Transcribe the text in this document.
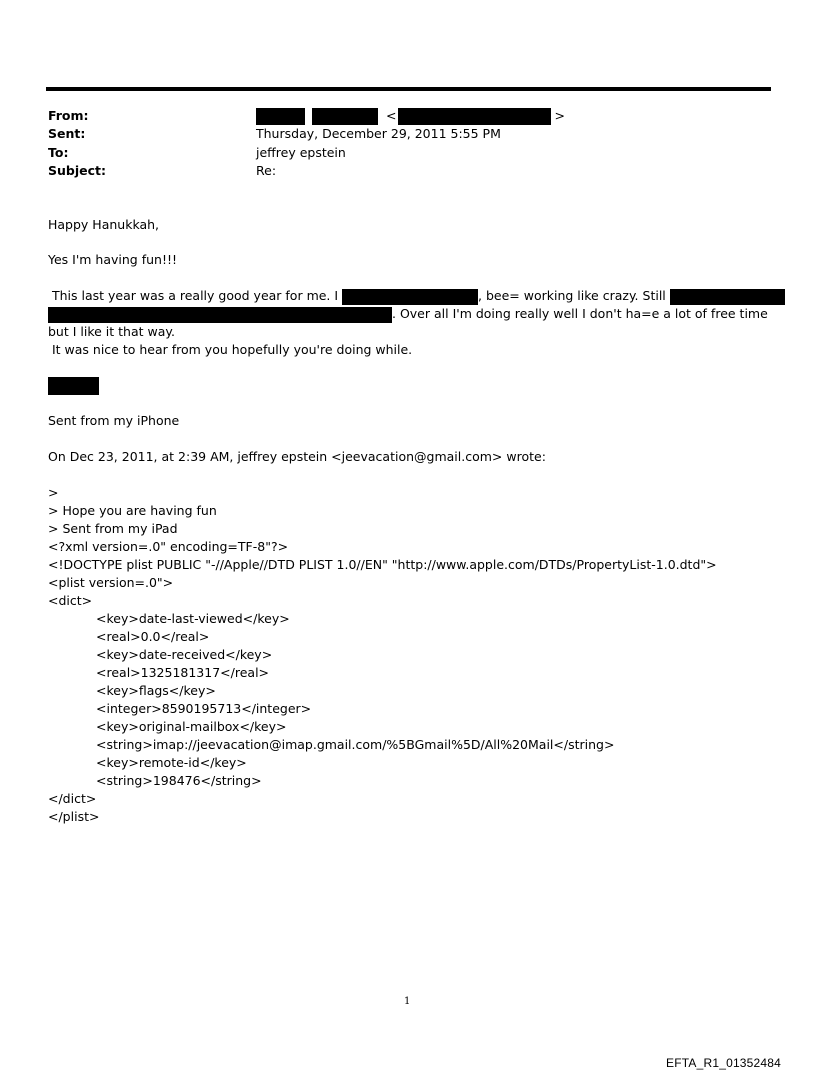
From:	<	>
Sent:	Thursday, December 29, 2011 5:55 PM
To:	jeffrey epstein
Subject:	Re:
Happy Hanukkah,
Yes I'm having fun!!!
This last year was a really good year for me. I	, bee= working like crazy. Still
. Over all I'm doing really well I don't ha=e a lot of free time
but I like it that way.
It was nice to hear from you hopefully you're doing while.
Sent from my iPhone
On Dec 23, 2011, at 2:39 AM, jeffrey epstein <jeevacation@gmail.com> wrote:
>
> Hope you are having fun
> Sent from my iPad
<?xml version=.0" encoding=TF-8"?>
<!DOCTYPE plist PUBLIC "-//Apple//DTD PLIST 1.0//EN" "http://www.apple.com/DTDs/PropertyList-1.0.dtd">
<plist version=.0">
<dict>
<key>date-last-viewed</key>
<real>0.0</real>
<key>date-received</key>
<real>1325181317</real>
<key>flags</key>
<integer>8590195713</integer>
<key>original-mailbox</key>
<string>imap://jeevacation@imap.gmail.com/%5BGmail%5D/All%20Mail</string>
<key>remote-id</key>
<string>198476</string>
</dict>
</plist>
1
EFTA_R1_01352484
